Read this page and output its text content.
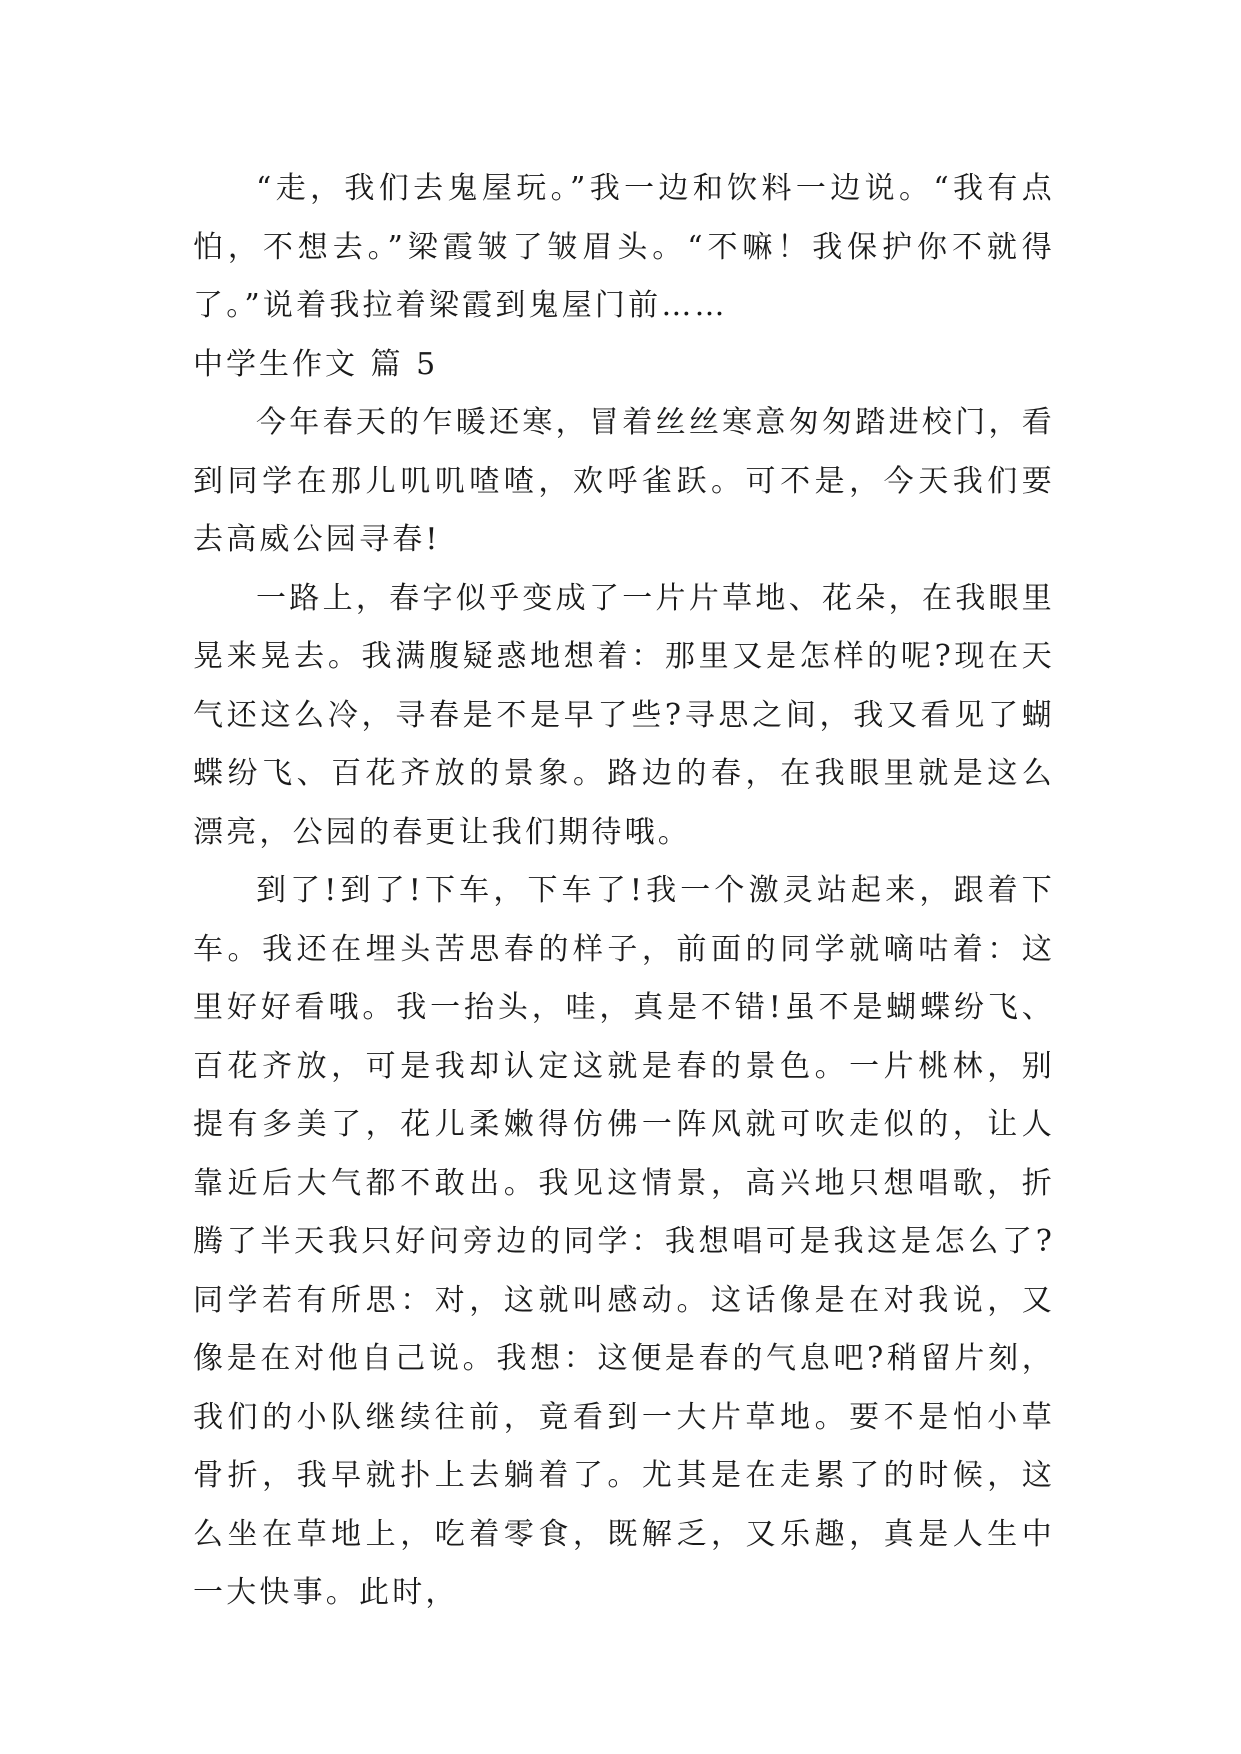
“走，我们去鬼屋玩。”我一边和饮料一边说。“我有点怕，不想去。”梁霞皱了皱眉头。“不嘛！我保护你不就得了。”说着我拉着梁霞到鬼屋门前……

中学生作文 篇 5

今年春天的乍暖还寒，冒着丝丝寒意匆匆踏进校门，看到同学在那儿叽叽喳喳，欢呼雀跃。可不是，今天我们要去高威公园寻春!

一路上，春字似乎变成了一片片草地、花朵，在我眼里晃来晃去。我满腹疑惑地想着：那里又是怎样的呢?现在天气还这么冷，寻春是不是早了些?寻思之间，我又看见了蝴蝶纷飞、百花齐放的景象。路边的春，在我眼里就是这么漂亮，公园的春更让我们期待哦。

到了!到了!下车，下车了!我一个激灵站起来，跟着下车。我还在埋头苦思春的样子，前面的同学就嘀咕着：这里好好看哦。我一抬头，哇，真是不错!虽不是蝴蝶纷飞、百花齐放，可是我却认定这就是春的景色。一片桃林，别提有多美了，花儿柔嫩得仿佛一阵风就可吹走似的，让人靠近后大气都不敢出。我见这情景，高兴地只想唱歌，折腾了半天我只好问旁边的同学：我想唱可是我这是怎么了?同学若有所思：对，这就叫感动。这话像是在对我说，又像是在对他自己说。我想：这便是春的气息吧?稍留片刻，我们的小队继续往前，竟看到一大片草地。要不是怕小草骨折，我早就扑上去躺着了。尤其是在走累了的时候，这么坐在草地上，吃着零食，既解乏，又乐趣，真是人生中一大快事。此时，
